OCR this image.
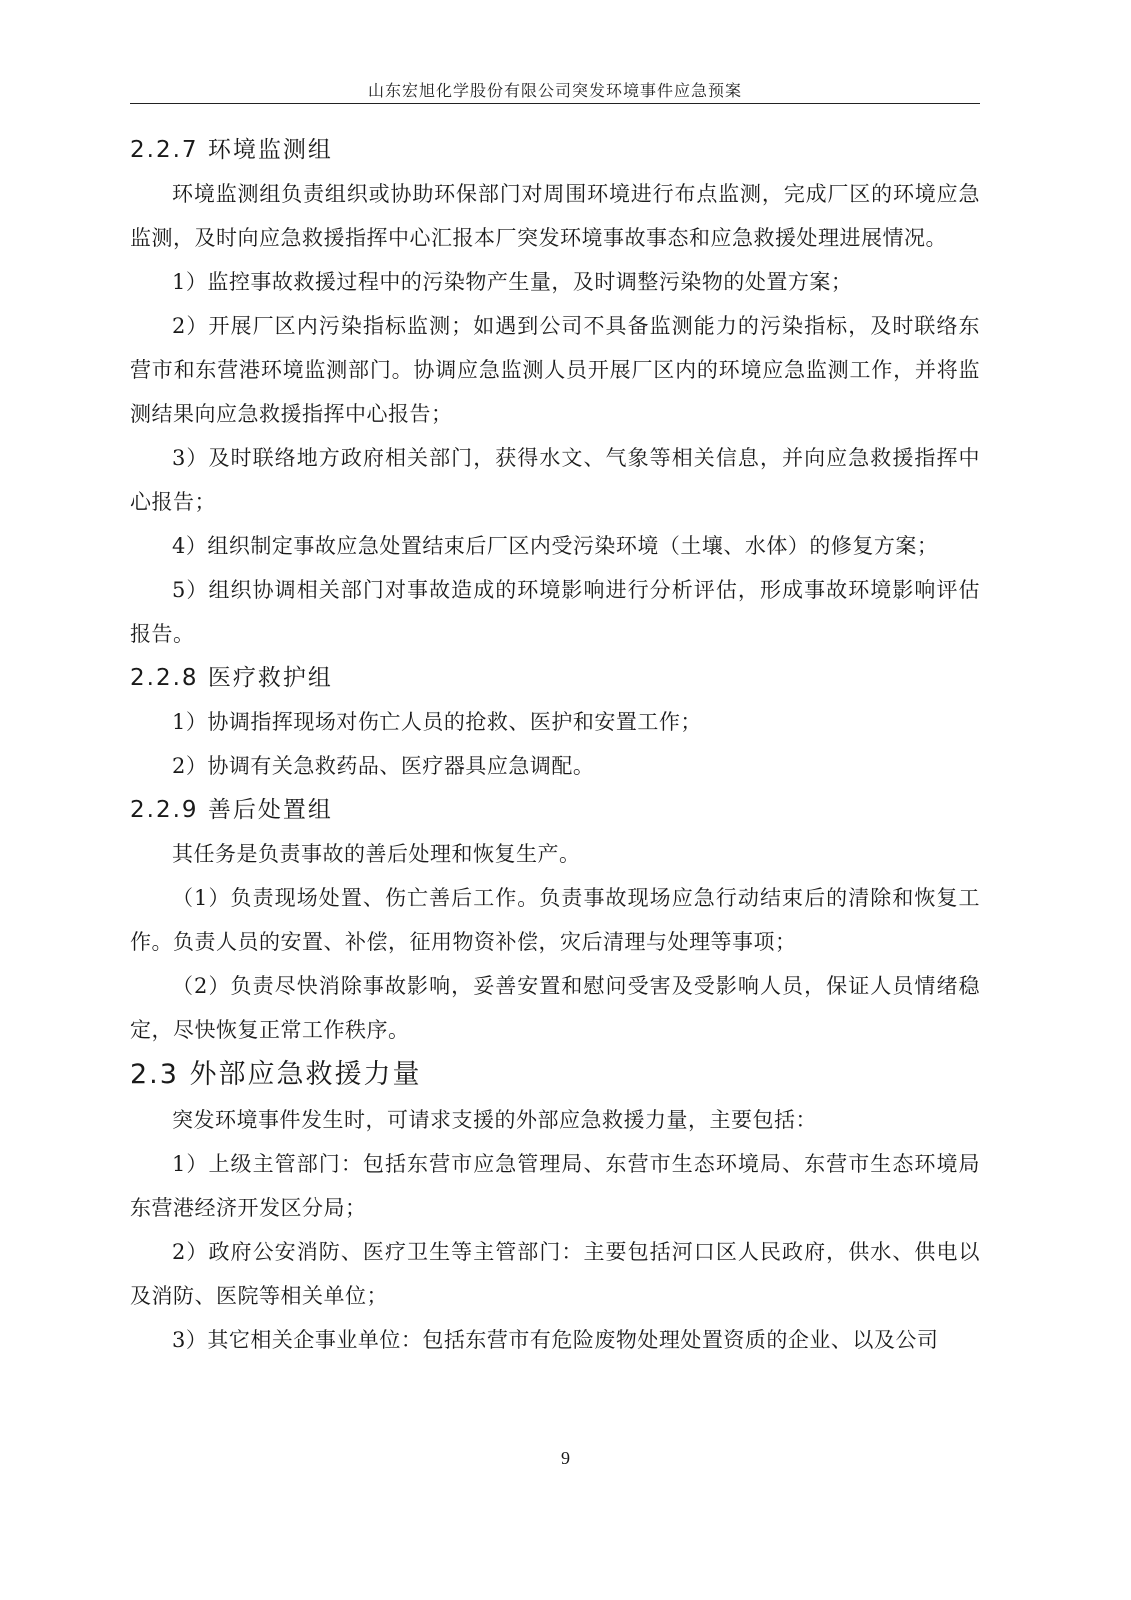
山东宏旭化学股份有限公司突发环境事件应急预案
2.2.7 环境监测组

环境监测组负责组织或协助环保部门对周围环境进行布点监测，完成厂区的环境应急监测，及时向应急救援指挥中心汇报本厂突发环境事故事态和应急救援处理进展情况。

1）监控事故救援过程中的污染物产生量，及时调整污染物的处置方案；

2）开展厂区内污染指标监测；如遇到公司不具备监测能力的污染指标，及时联络东营市和东营港环境监测部门。协调应急监测人员开展厂区内的环境应急监测工作，并将监测结果向应急救援指挥中心报告；

3）及时联络地方政府相关部门，获得水文、气象等相关信息，并向应急救援指挥中心报告；

4）组织制定事故应急处置结束后厂区内受污染环境（土壤、水体）的修复方案；

5）组织协调相关部门对事故造成的环境影响进行分析评估，形成事故环境影响评估报告。

2.2.8 医疗救护组

1）协调指挥现场对伤亡人员的抢救、医护和安置工作；

2）协调有关急救药品、医疗器具应急调配。

2.2.9 善后处置组

其任务是负责事故的善后处理和恢复生产。

（1）负责现场处置、伤亡善后工作。负责事故现场应急行动结束后的清除和恢复工作。负责人员的安置、补偿，征用物资补偿，灾后清理与处理等事项；

（2）负责尽快消除事故影响，妥善安置和慰问受害及受影响人员，保证人员情绪稳定，尽快恢复正常工作秩序。

2.3 外部应急救援力量

突发环境事件发生时，可请求支援的外部应急救援力量，主要包括：

1）上级主管部门：包括东营市应急管理局、东营市生态环境局、东营市生态环境局东营港经济开发区分局；

2）政府公安消防、医疗卫生等主管部门：主要包括河口区人民政府，供水、供电以及消防、医院等相关单位；

3）其它相关企事业单位：包括东营市有危险废物处理处置资质的企业、以及公司

9
